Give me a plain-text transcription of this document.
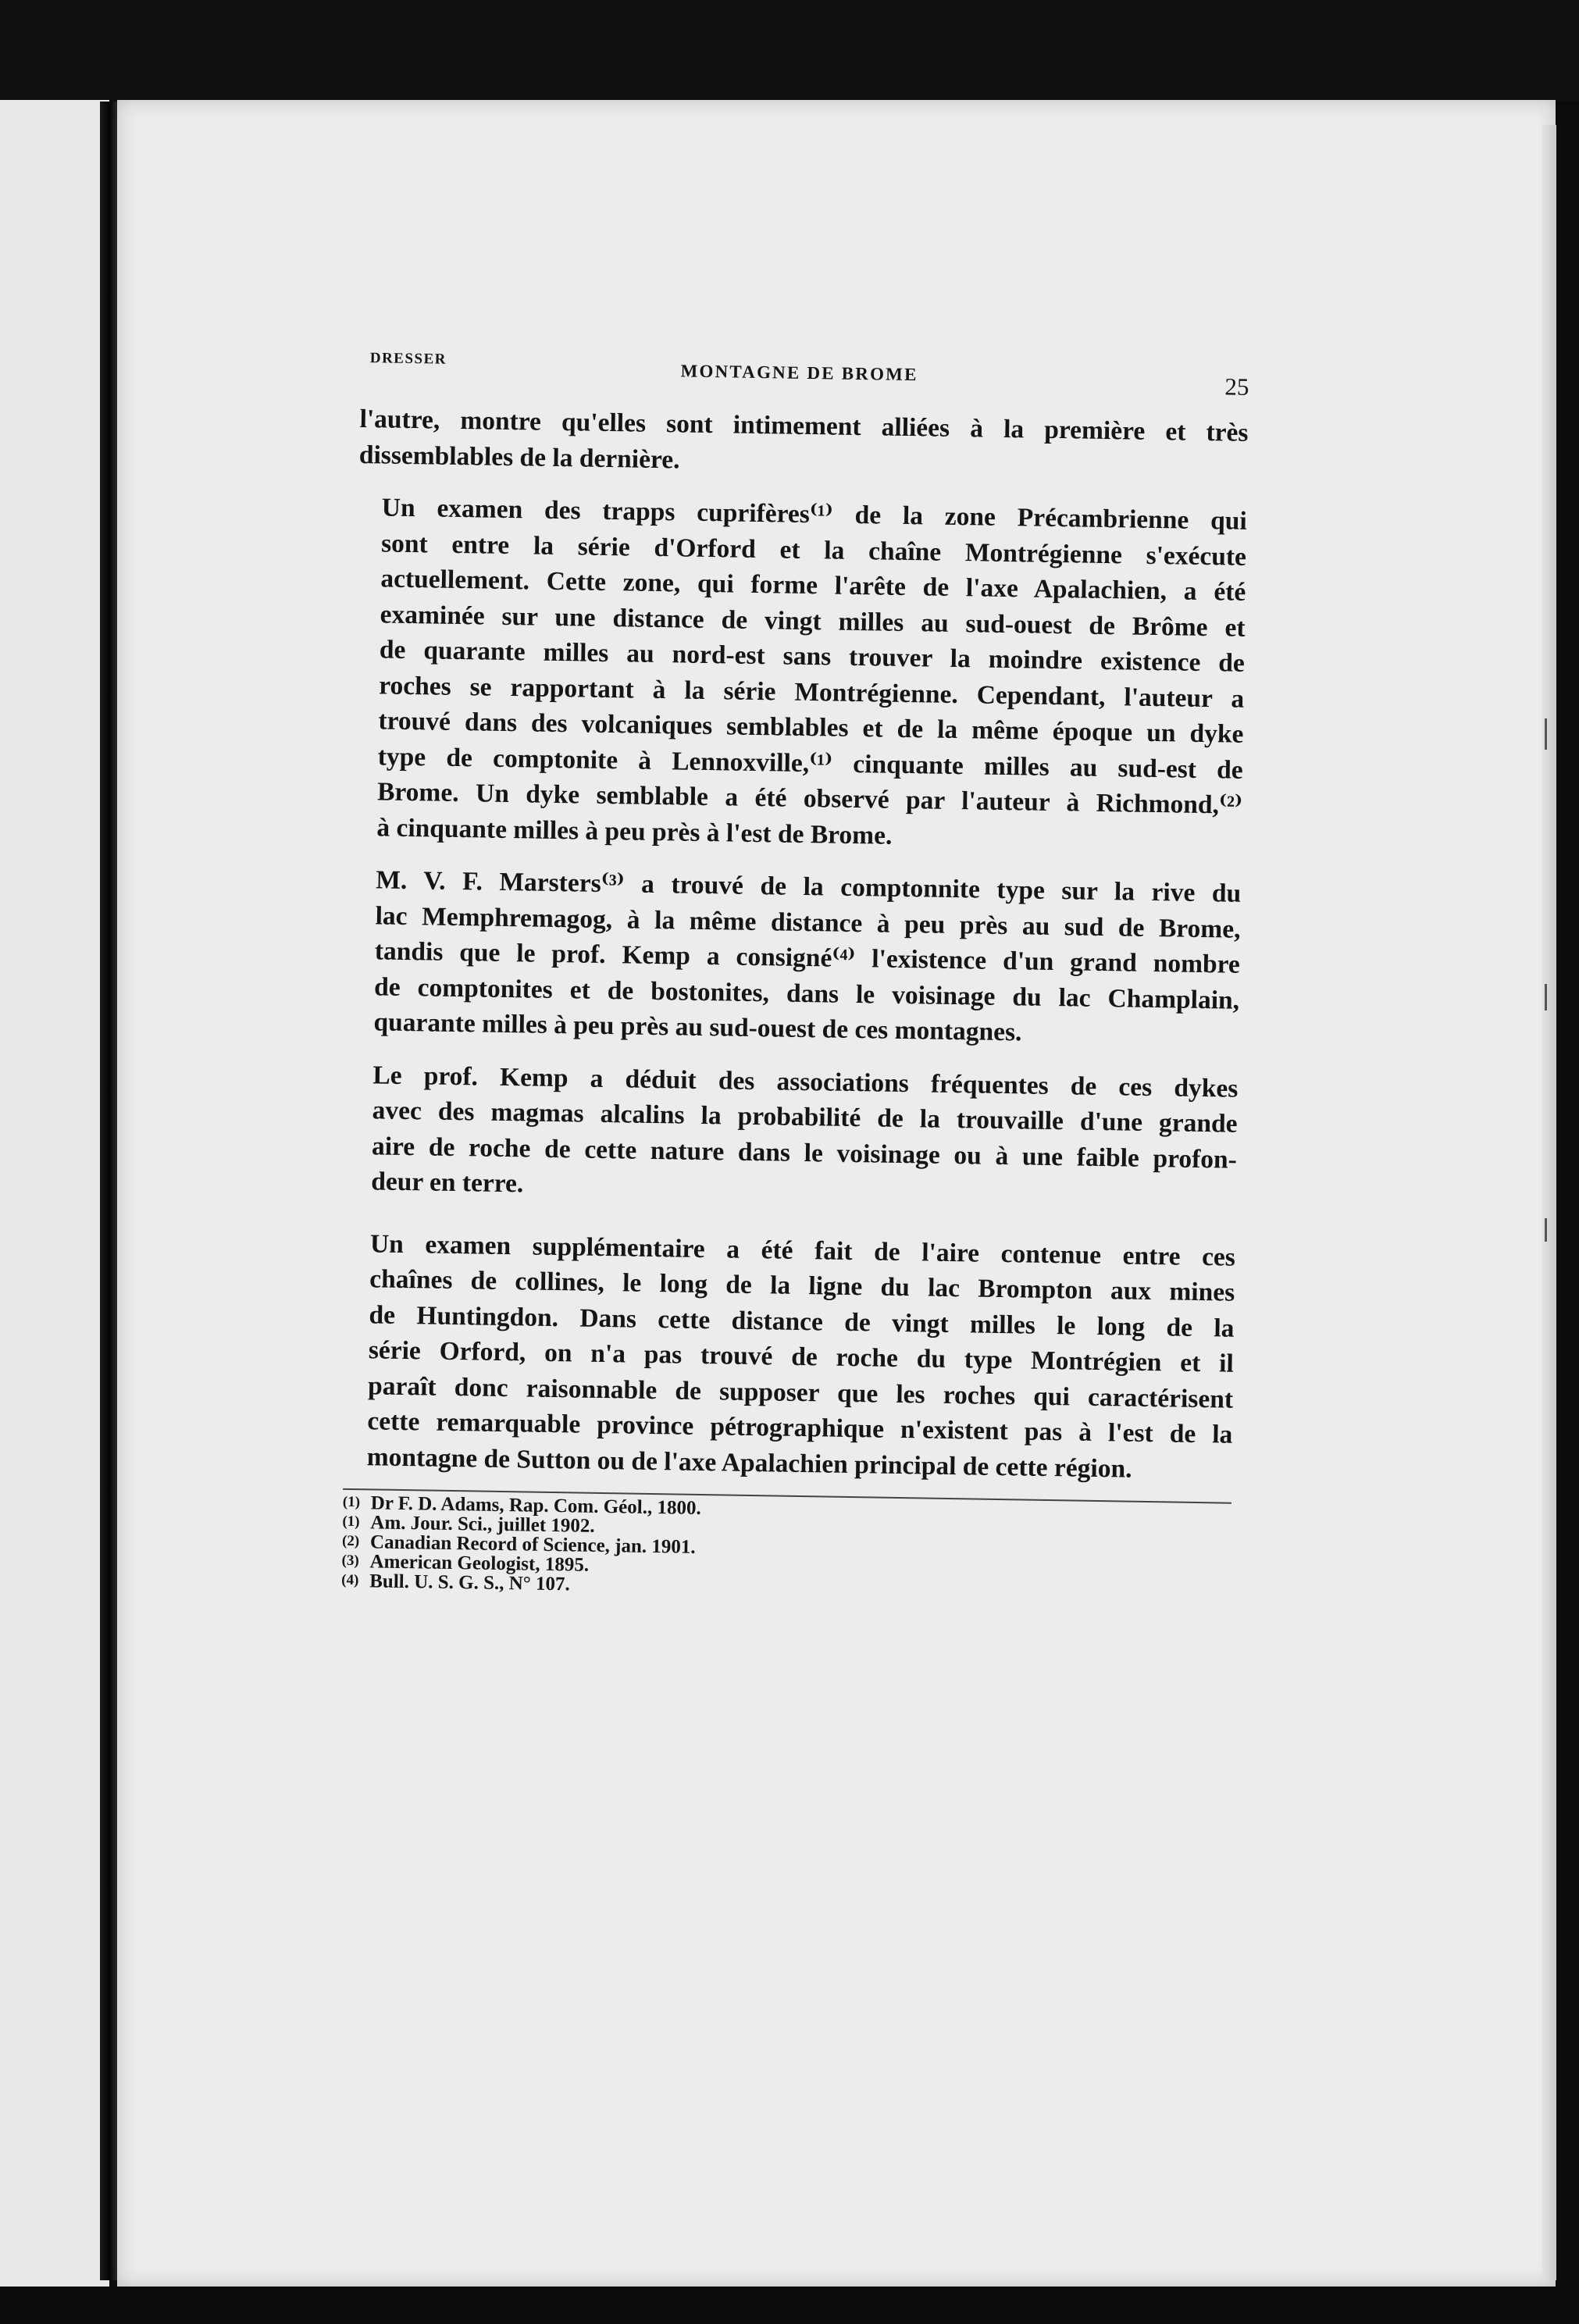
DRESSER
MONTAGNE DE BROME
25
l'autre, montre qu'elles sont intimement alliées à la première et très
dissemblables de la dernière.
Un examen des trapps cuprifères⁽¹⁾ de la zone Précambrienne qui
sont entre la série d'Orford et la chaîne Montrégienne s'exécute
actuellement. Cette zone, qui forme l'arête de l'axe Apalachien, a été
examinée sur une distance de vingt milles au sud-ouest de Brôme et
de quarante milles au nord-est sans trouver la moindre existence de
roches se rapportant à la série Montrégienne. Cependant, l'auteur a
trouvé dans des volcaniques semblables et de la même époque un dyke
type de comptonite à Lennoxville,⁽¹⁾ cinquante milles au sud-est de
Brome. Un dyke semblable a été observé par l'auteur à Richmond,⁽²⁾
à cinquante milles à peu près à l'est de Brome.
M. V. F. Marsters⁽³⁾ a trouvé de la comptonnite type sur la rive du
lac Memphremagog, à la même distance à peu près au sud de Brome,
tandis que le prof. Kemp a consigné⁽⁴⁾ l'existence d'un grand nombre
de comptonites et de bostonites, dans le voisinage du lac Champlain,
quarante milles à peu près au sud-ouest de ces montagnes.
Le prof. Kemp a déduit des associations fréquentes de ces dykes
avec des magmas alcalins la probabilité de la trouvaille d'une grande
aire de roche de cette nature dans le voisinage ou à une faible profon-
deur en terre.
Un examen supplémentaire a été fait de l'aire contenue entre ces
chaînes de collines, le long de la ligne du lac Brompton aux mines
de Huntingdon. Dans cette distance de vingt milles le long de la
série Orford, on n'a pas trouvé de roche du type Montrégien et il
paraît donc raisonnable de supposer que les roches qui caractérisent
cette remarquable province pétrographique n'existent pas à l'est de la
montagne de Sutton ou de l'axe Apalachien principal de cette région.
(1) Dr F. D. Adams, Rap. Com. Géol., 1800.
(1) Am. Jour. Sci., juillet 1902.
(2) Canadian Record of Science, jan. 1901.
(3) American Geologist, 1895.
(4) Bull. U. S. G. S., N° 107.
